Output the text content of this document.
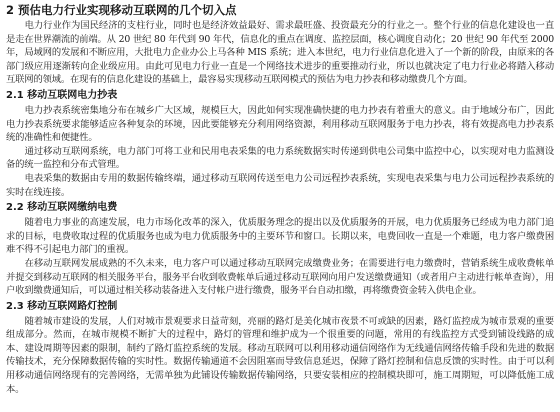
2 预估电力行业实现移动互联网的几个切入点

电力行业作为国民经济的支柱行业，同时也是经济效益最好、需求最旺盛、投资最充分的行业之一。整个行业的信息化建设也一直是走在世界潮流的前端。从 20 世纪 80 年代到 90 年代，信息化的重点在调度、监控层面，核心调度自动化；20 世纪 90 年代至 2000 年，局域网的发展和不断应用，大批电力企业办公上马各种 MIS 系统；进入本世纪，电力行业信息化进入了一个新的阶段，由原来的各部门级应用逐渐转向企业级应用。由此可见电力行业一直是一个网络技术进步的重要推动行业，所以也就决定了电力行业必将踏入移动互联网的领域。在现有的信息化建设的基础上，最容易实现移动互联网模式的预估为电力抄表和移动缴费几个方面。

2.1 移动互联网电力抄表

电力抄表系统密集地分布在城乡广大区域，规模巨大，因此如何实现准确快捷的电力抄表有着重大的意义。由于地域分布广，因此电力抄表系统要求能够适应各种复杂的环境，因此要能够充分利用网络资源，利用移动互联网服务于电力抄表，将有效提高电力抄表系统的准确性和便捷性。

通过移动互联网系统，电力部门可将工业和民用电表采集的电力系统数据实时传递到供电公司集中监控中心，以实现对电力监测设备的统一监控和分布式管理。

电表采集的数据由专用的数据传输终端，通过移动互联网传送至电力公司远程抄表系统，实现电表采集与电力公司远程抄表系统的实时在线连接。

2.2 移动互联网缴纳电费

随着电力事业的高速发展，电力市场化改革的深入，优质服务理念的提出以及优质服务的开展，电力优质服务已经成为电力部门追求的目标，电费收取过程的优质服务也成为电力优质服务中的主要环节和窗口。长期以来，电费回收一直是一个难题，电力客户缴费困难不得不引起电力部门的重视。

在移动互联网发展成熟的不久未来，电力客户可以通过移动互联网完成缴费业务；在需要进行电力缴费时，营销系统生成收费帐单并提交到移动互联网的相关服务平台，服务平台收到收费帐单后通过移动互联网向用户发送缴费通知（或者用户主动进行帐单查询），用户收到缴费通知后，可以通过相关移动装备进入支付帐户进行缴费，服务平台自动扣缴，再将缴费资金转入供电企业。

2.3 移动互联网路灯控制

随着城市建设的发展，人们对城市景观要求日益苛刻，亮丽的路灯是美化城市夜景不可或缺的因素，路灯监控成为城市景观的重要组成部分。然而，在城市规模不断扩大的过程中，路灯的管理和维护成为一个很重要的问题，常用的有线监控方式受到铺设线路的成本、建设周期等因素的限制，制约了路灯监控系统的发展。移动互联网可以利用移动通信网络作为无线通信网络传输手段和先进的数据传输技术，充分保障数据传输的实时性。数据传输通道不会因阻塞而导致信息延迟，保障了路灯控制和信息反馈的实时性。由于可以利用移动通信网络现有的完善网络，无需单独为此铺设传输数据传输网络，只要安装相应的控制模块即可，施工周期短，可以降低施工成本。
